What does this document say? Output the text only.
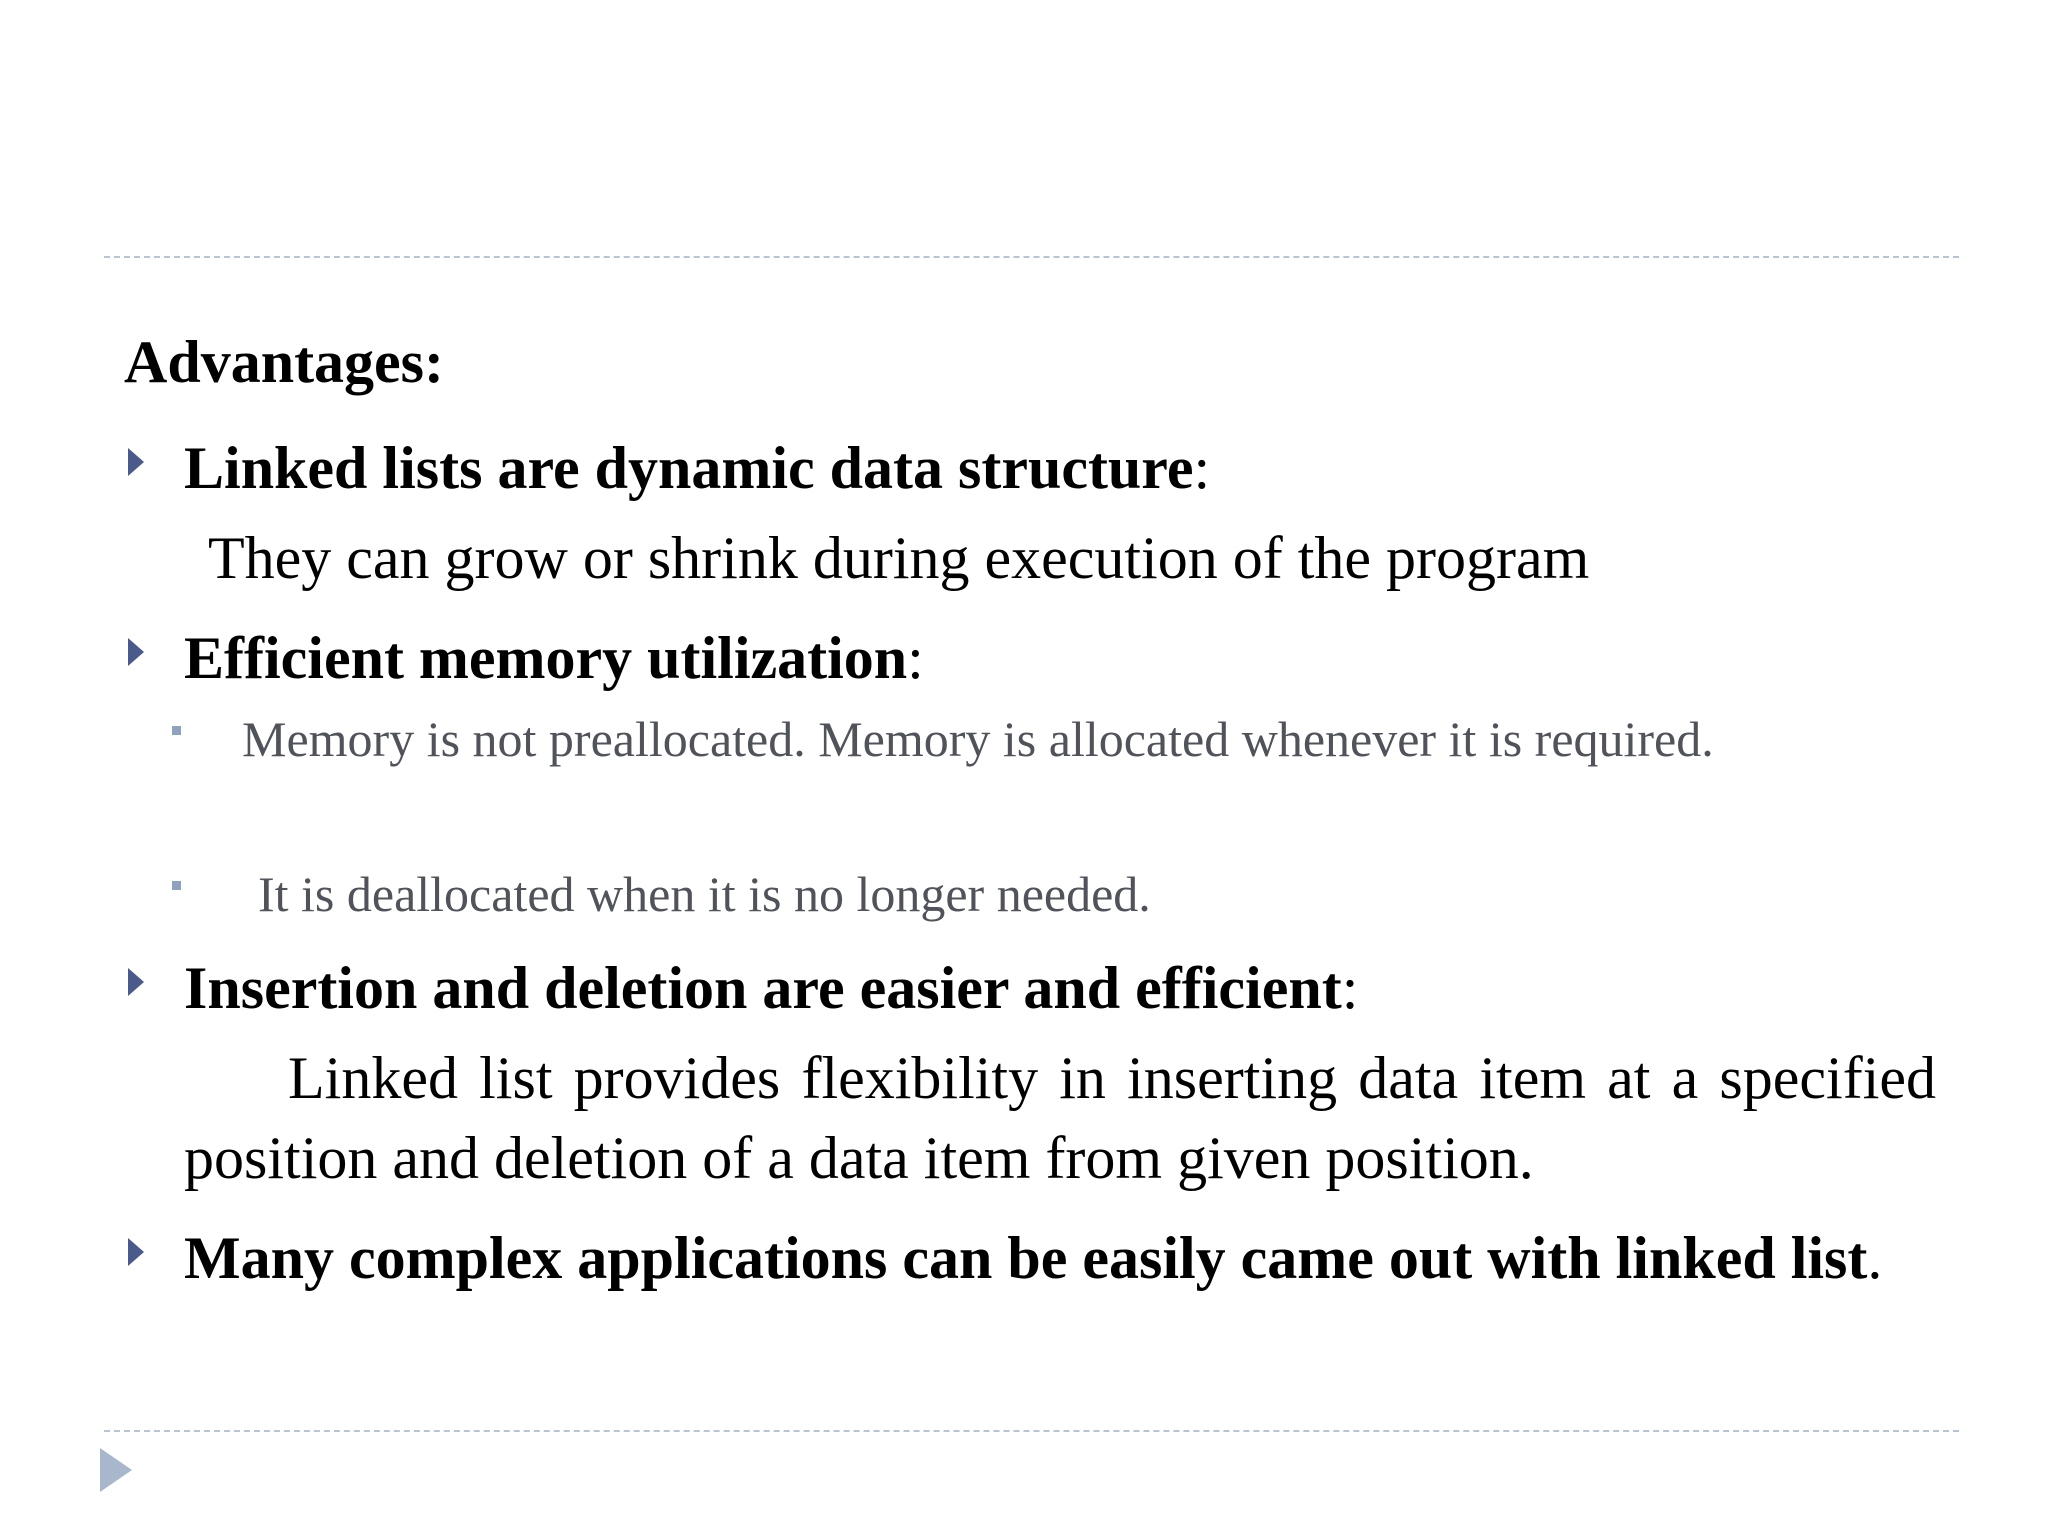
Advantages:
Linked lists are dynamic data structure:
They can grow or shrink during execution of the program
Efficient memory utilization:
Memory is not preallocated. Memory is allocated whenever it is required.
It is deallocated when it is no longer needed.
Insertion and deletion are easier and efficient:
Linked list provides flexibility in inserting data item at a specified position and deletion of a data item from given position.
Many complex applications can be easily came out with linked list.
